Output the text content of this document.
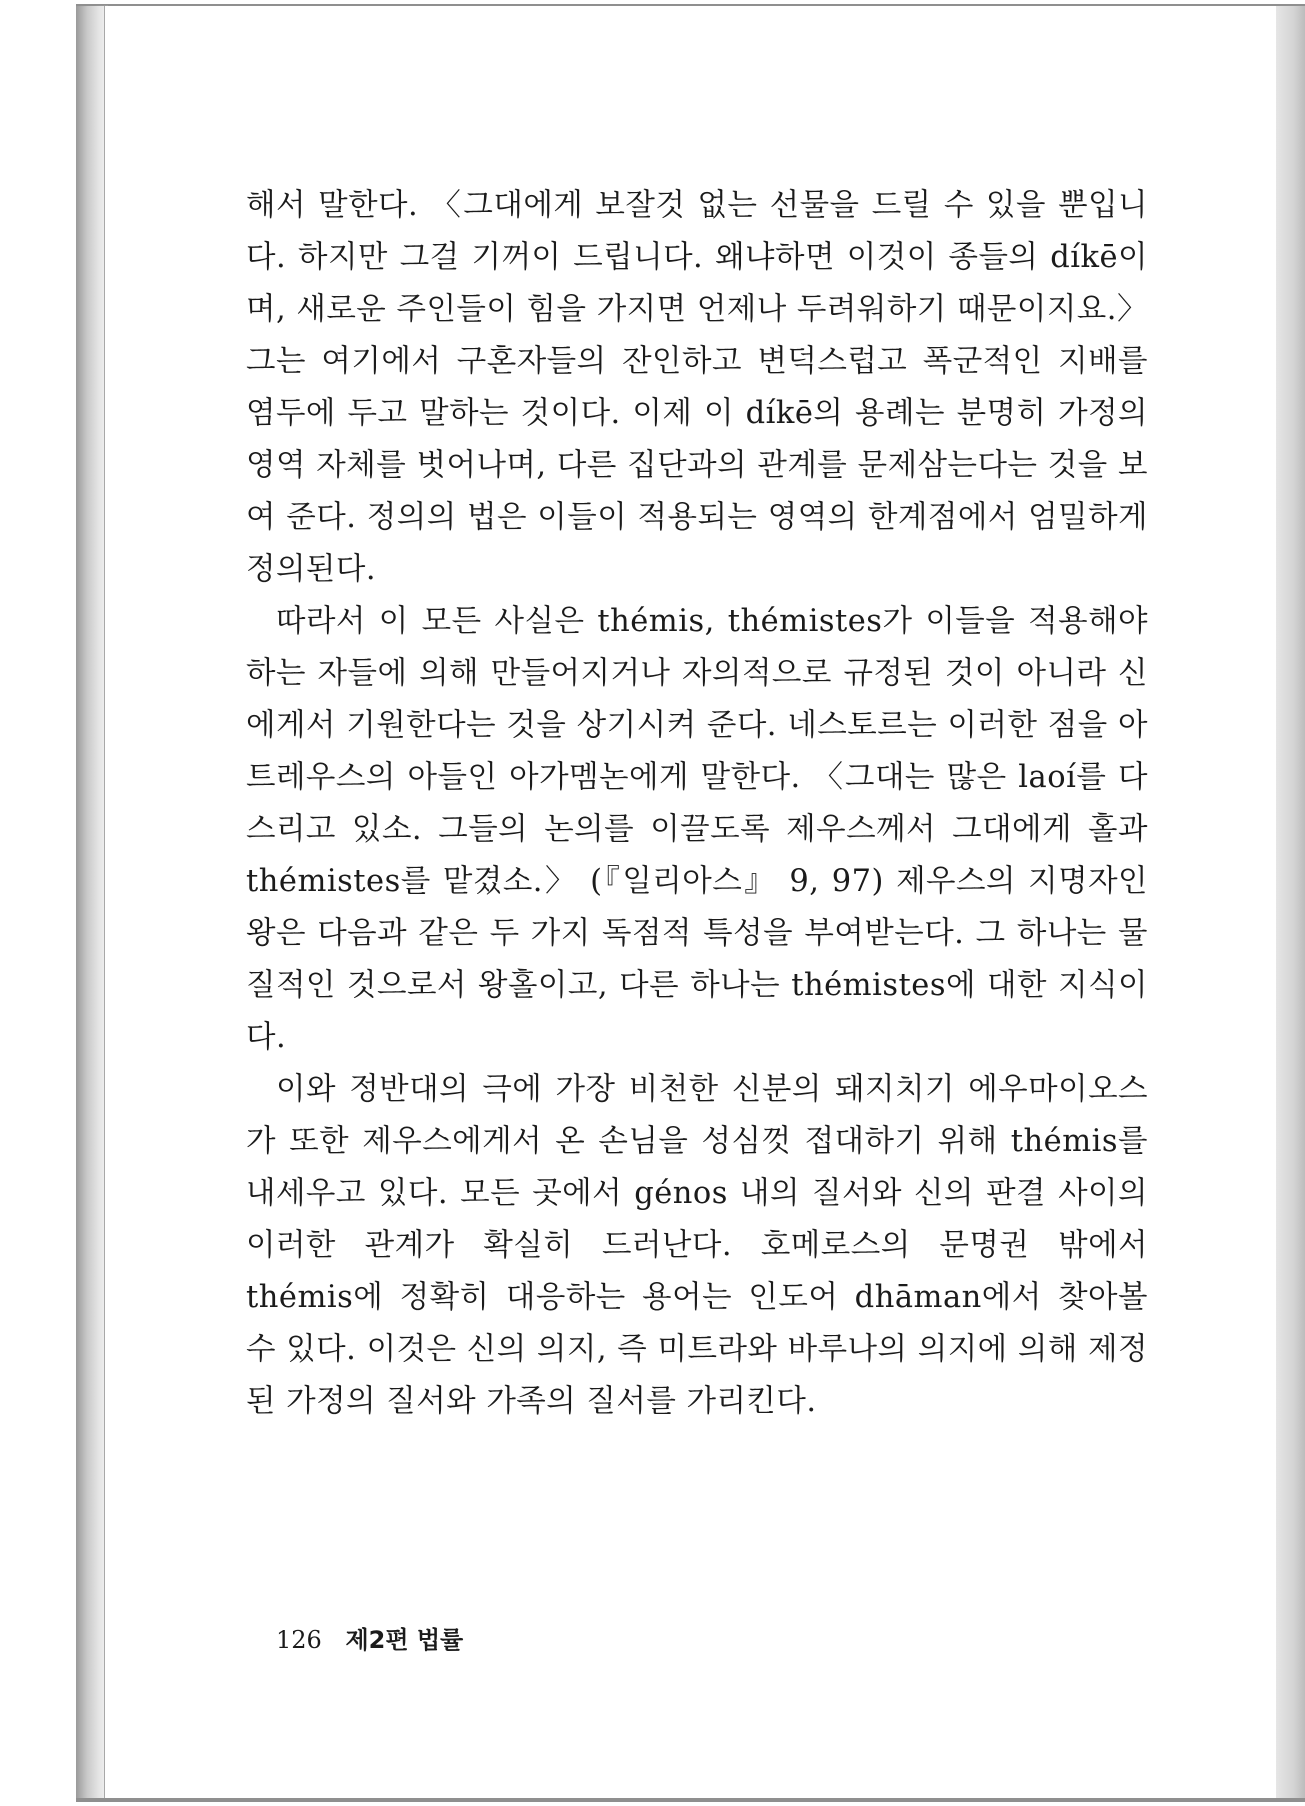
해서 말한다. 〈그대에게 보잘것 없는 선물을 드릴 수 있을 뿐입니다. 하지만 그걸 기꺼이 드립니다. 왜냐하면 이것이 종들의 díkē이며, 새로운 주인들이 힘을 가지면 언제나 두려워하기 때문이지요.〉 그는 여기에서 구혼자들의 잔인하고 변덕스럽고 폭군적인 지배를 염두에 두고 말하는 것이다. 이제 이 díkē의 용례는 분명히 가정의 영역 자체를 벗어나며, 다른 집단과의 관계를 문제삼는다는 것을 보여 준다. 정의의 법은 이들이 적용되는 영역의 한계점에서 엄밀하게 정의된다.

따라서 이 모든 사실은 thémis, thémistes가 이들을 적용해야 하는 자들에 의해 만들어지거나 자의적으로 규정된 것이 아니라 신에게서 기원한다는 것을 상기시켜 준다. 네스토르는 이러한 점을 아트레우스의 아들인 아가멤논에게 말한다. 〈그대는 많은 laoí를 다스리고 있소. 그들의 논의를 이끌도록 제우스께서 그대에게 홀과 thémistes를 맡겼소.〉 (『일리아스』 9, 97) 제우스의 지명자인 왕은 다음과 같은 두 가지 독점적 특성을 부여받는다. 그 하나는 물질적인 것으로서 왕홀이고, 다른 하나는 thémistes에 대한 지식이다.

이와 정반대의 극에 가장 비천한 신분의 돼지치기 에우마이오스가 또한 제우스에게서 온 손님을 성심껏 접대하기 위해 thémis를 내세우고 있다. 모든 곳에서 génos 내의 질서와 신의 판결 사이의 이러한 관계가 확실히 드러난다. 호메로스의 문명권 밖에서 thémis에 정확히 대응하는 용어는 인도어 dhāman에서 찾아볼 수 있다. 이것은 신의 의지, 즉 미트라와 바루나의 의지에 의해 제정된 가정의 질서와 가족의 질서를 가리킨다.

126 제2편 법률
